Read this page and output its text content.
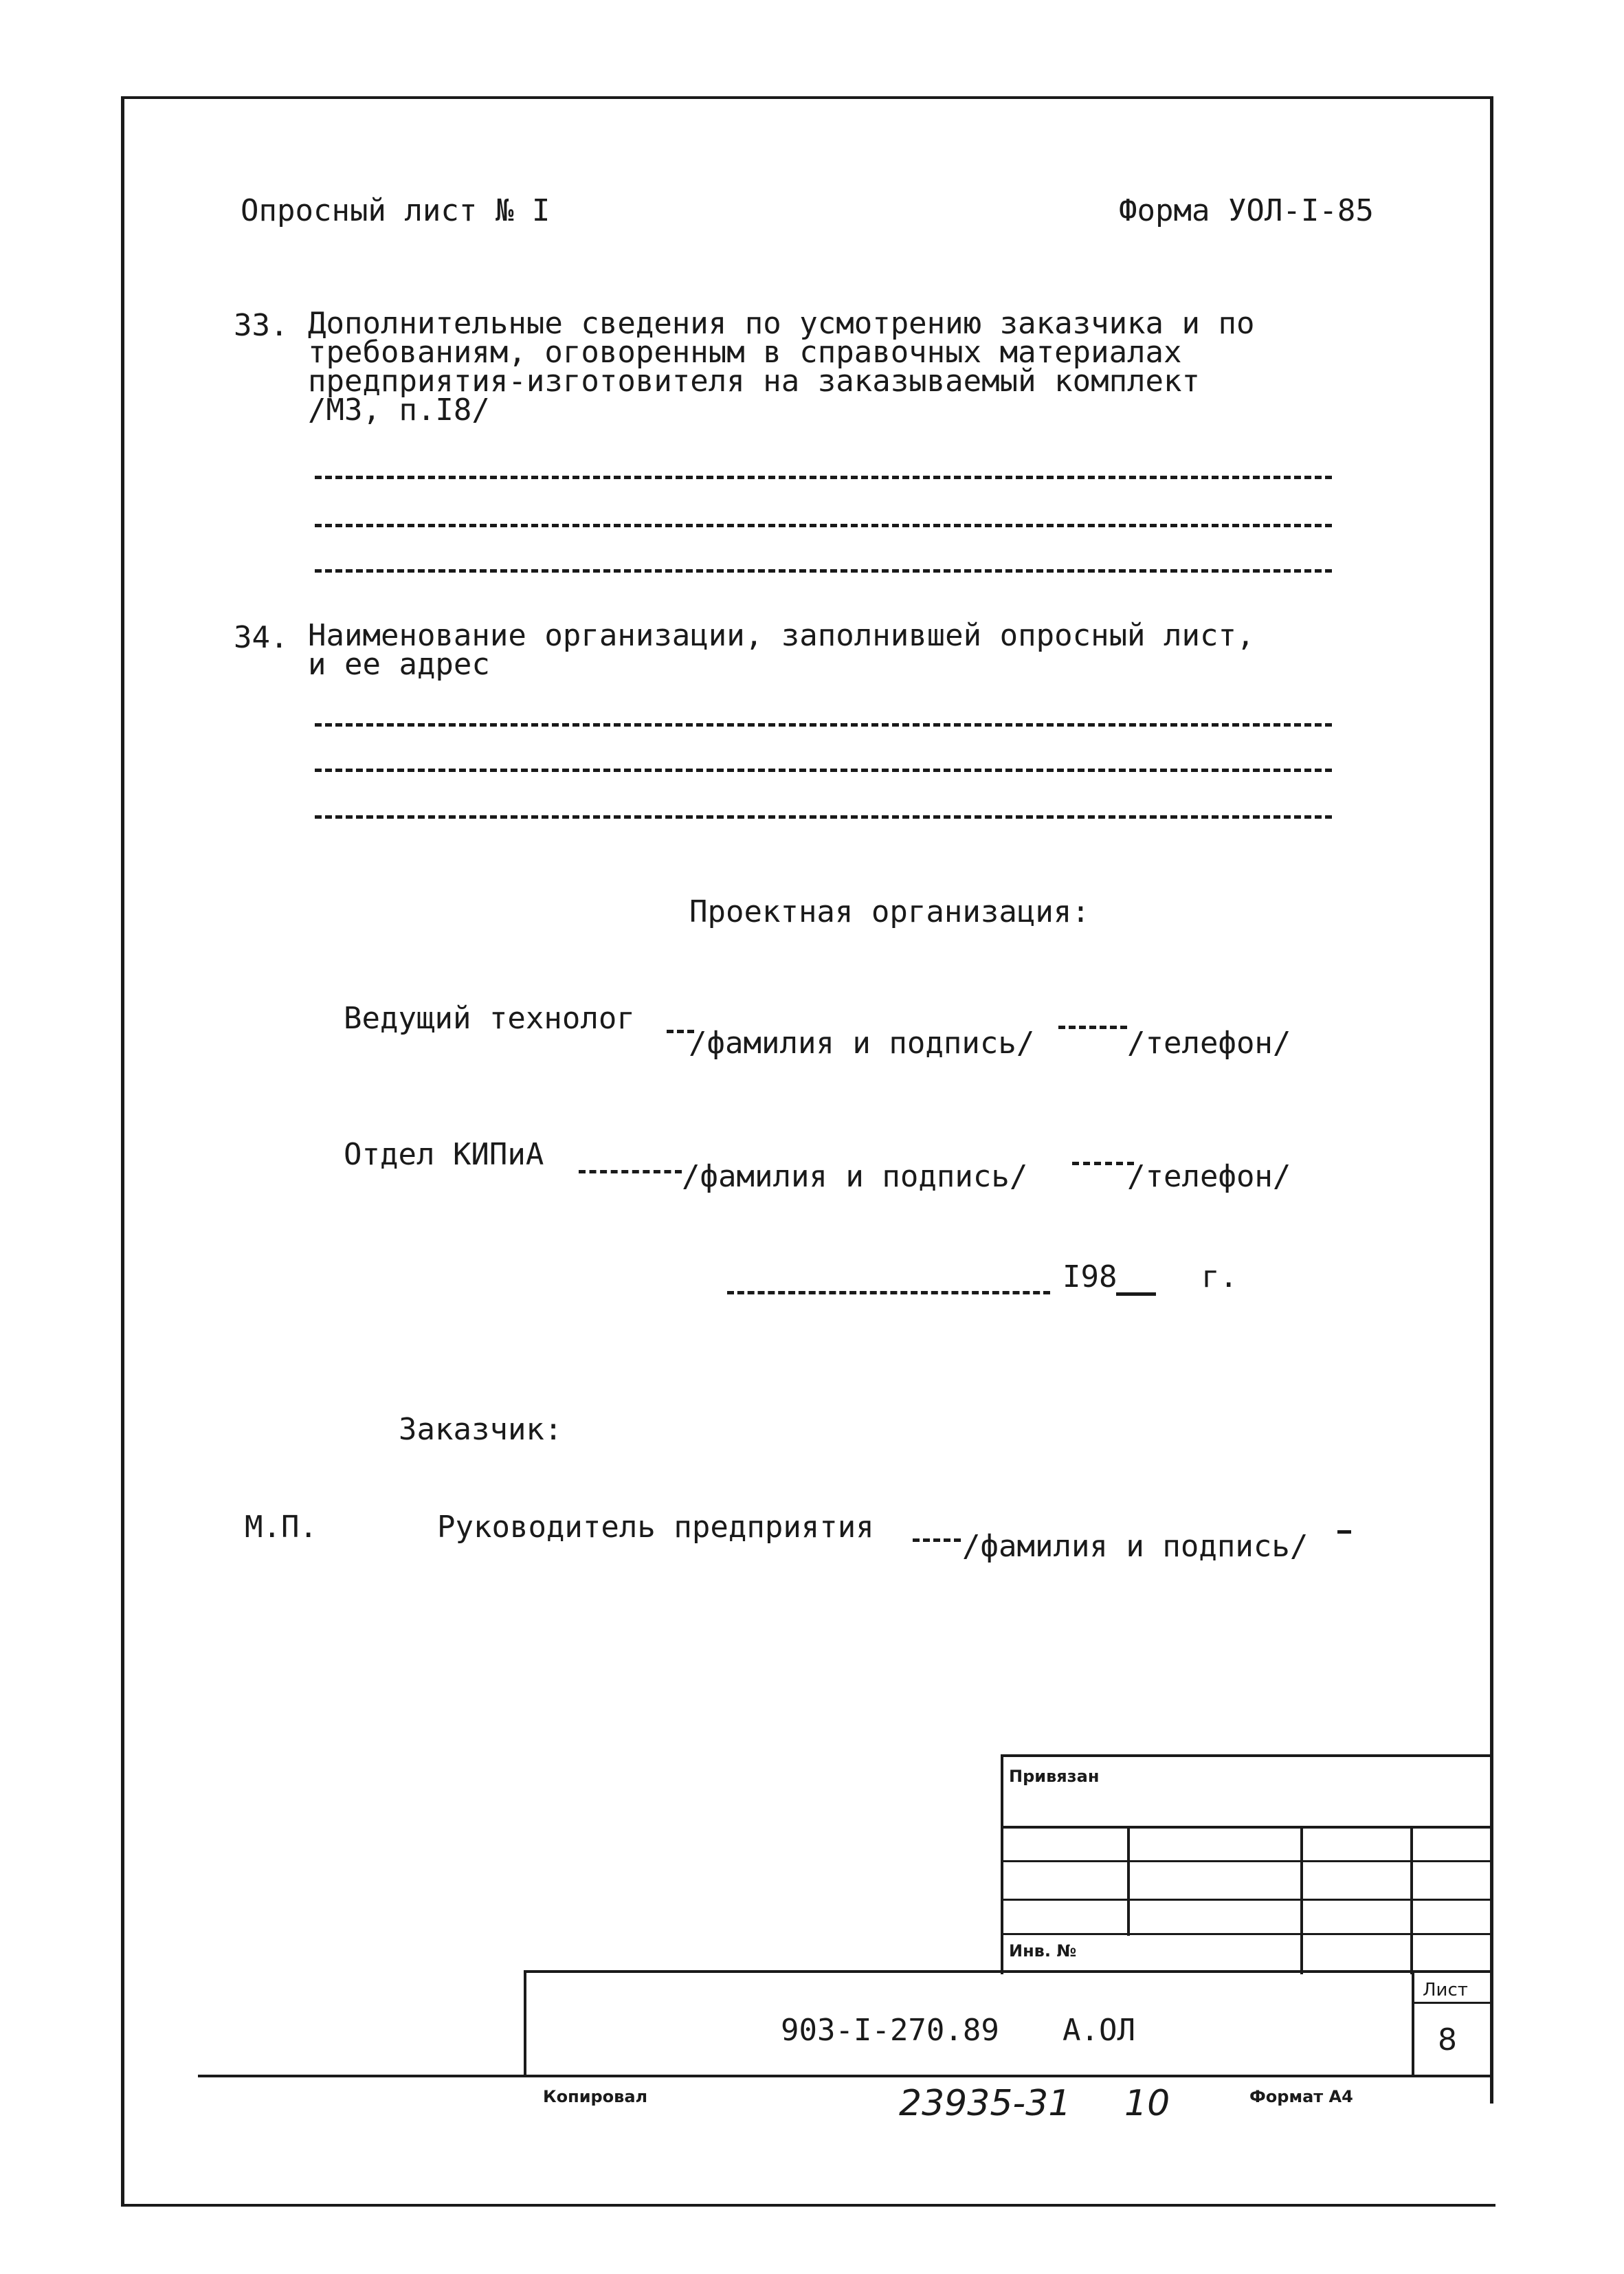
Опросный лист № I	Форма УОЛ-I-85
33. Дополнительные сведения по усмотрению заказчика и по
требованиям, оговоренным в справочных материалах
предприятия-изготовителя на заказываемый комплект
/МЗ, п.I8/
34. Наименование организации, заполнившей опросный лист,
и ее адрес
Проектная организация:
Ведущий технолог
/фамилия и подпись/	/телефон/
Отдел КИПиА
/фамилия и подпись/	/телефон/
I98	г.
Заказчик:
М.П.	Руководитель предприятия
/фамилия и подпись/
Привязан
Инв. №
903-I-270.89 А.ОЛ
Лист
8
Копировал	23935-31 10	Формат А4
